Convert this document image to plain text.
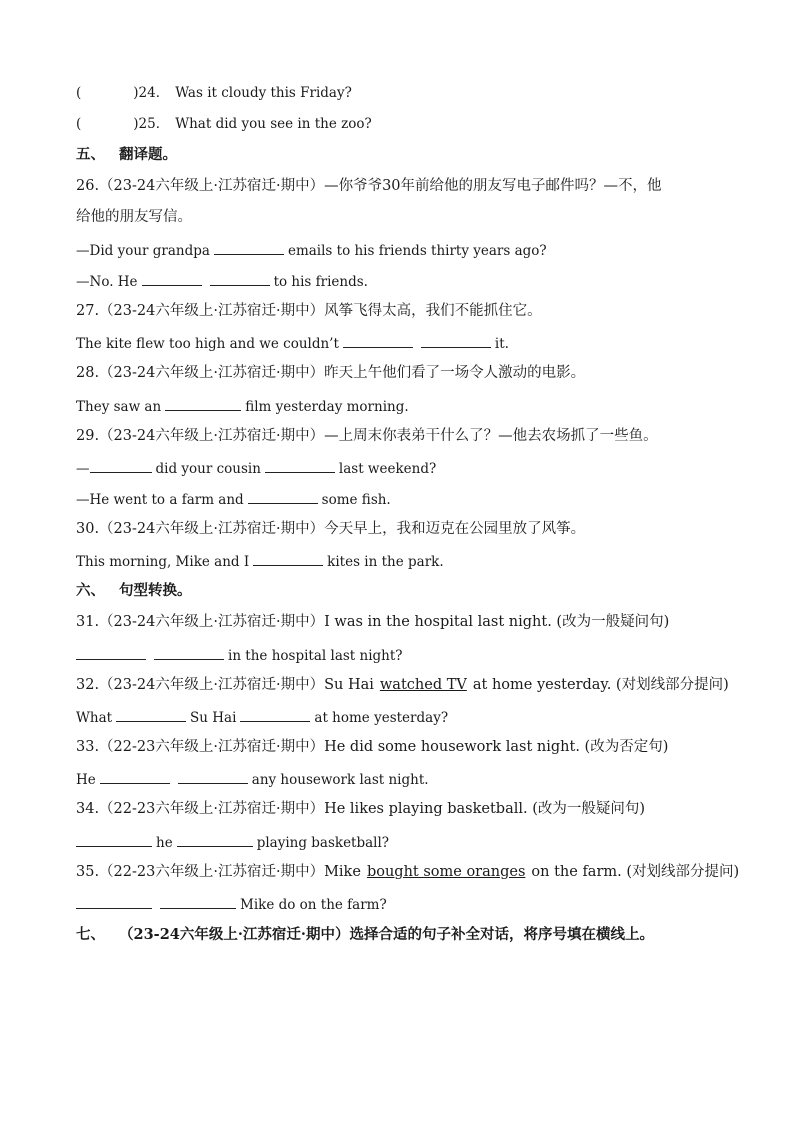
(	)24． Was it cloudy this Friday?
(	)25． What did you see in the zoo?
五、 翻译题。
26.（23-24六年级上·江苏宿迁·期中）—你爷爷30年前给他的朋友写电子邮件吗？—不，他
给他的朋友写信。
—Did your grandpa	emails to his friends thirty years ago?
—No. He	to his friends.
27.（23-24六年级上·江苏宿迁·期中）风筝飞得太高，我们不能抓住它。
The kite flew too high and we couldn’t	it.
28.（23-24六年级上·江苏宿迁·期中）昨天上午他们看了一场令人激动的电影。
They saw an	film yesterday morning.
29.（23-24六年级上·江苏宿迁·期中）—上周末你表弟干什么了？—他去农场抓了一些鱼。
—	did your cousin	last weekend?
—He went to a farm and	some fish.
30.（23-24六年级上·江苏宿迁·期中）今天早上，我和迈克在公园里放了风筝。
This morning, Mike and I	kites in the park.
六、 句型转换。
31.（23-24六年级上·江苏宿迁·期中）I was in the hospital last night. (改为一般疑问句)
in the hospital last night?
32.（23-24六年级上·江苏宿迁·期中）Su Hai watched TV at home yesterday. (对划线部分提问)
What	Su Hai	at home yesterday?
33.（22-23六年级上·江苏宿迁·期中）He did some housework last night. (改为否定句)
He	any housework last night.
34.（22-23六年级上·江苏宿迁·期中）He likes playing basketball. (改为一般疑问句)
he	playing basketball?
35.（22-23六年级上·江苏宿迁·期中）Mike bought some oranges on the farm. (对划线部分提问)
Mike do on the farm?
七、 （23-24六年级上·江苏宿迁·期中）选择合适的句子补全对话，将序号填在横线上。
